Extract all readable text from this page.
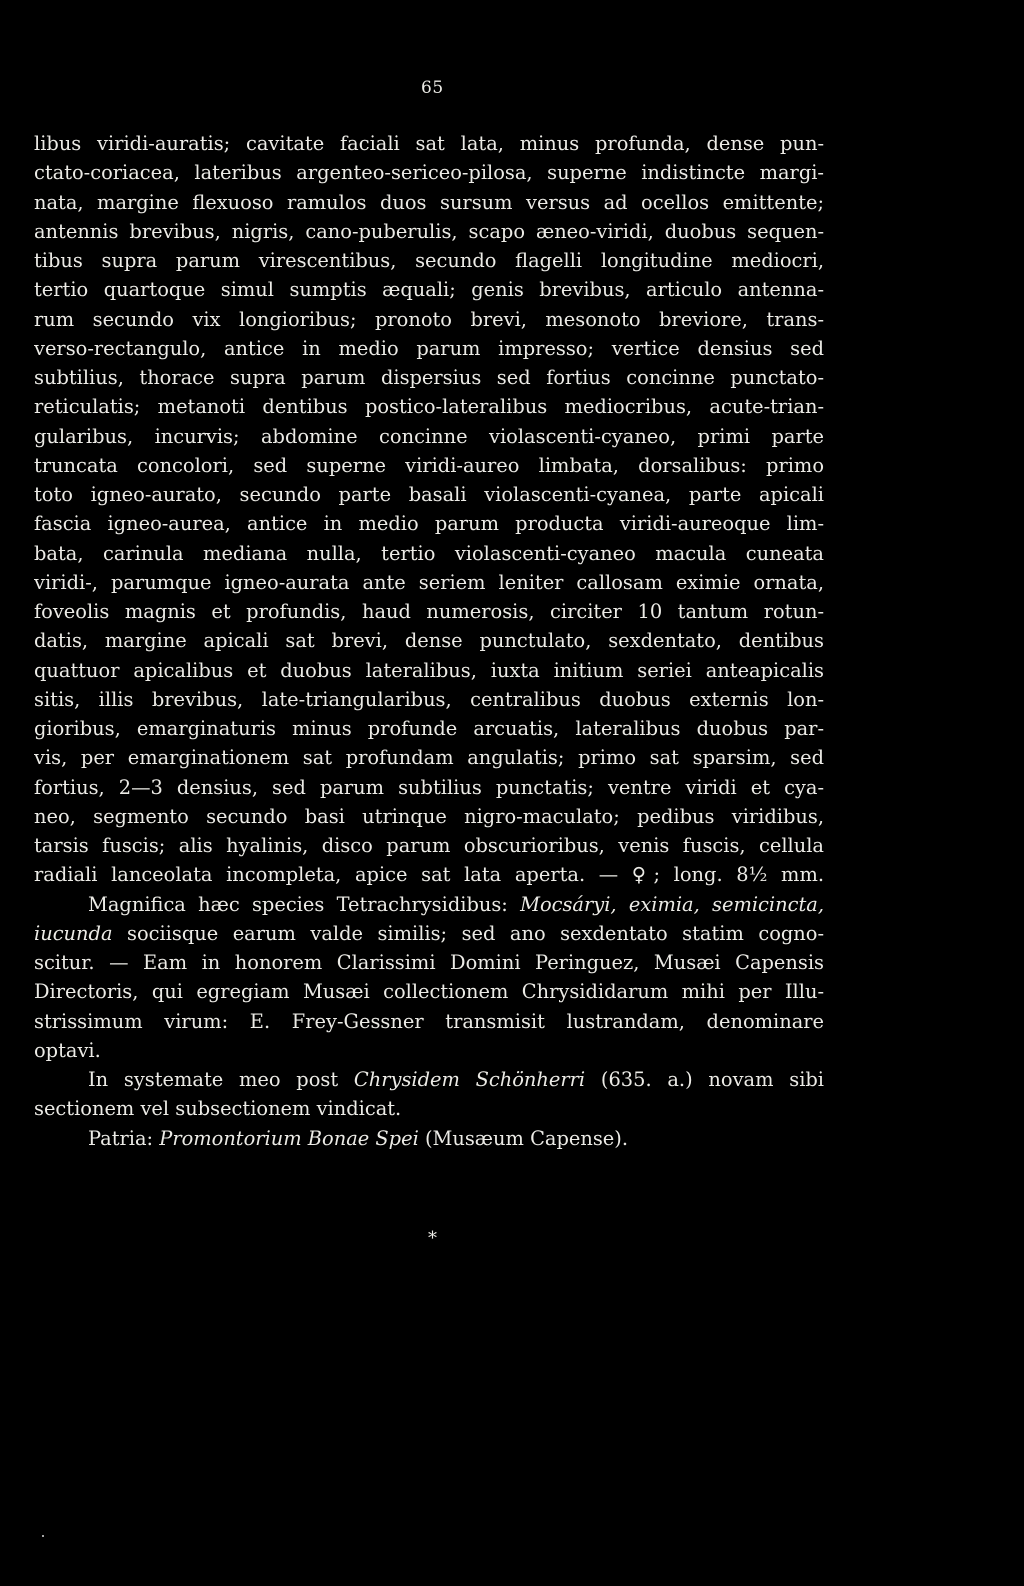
65
libus viridi-auratis; cavitate faciali sat lata, minus profunda, dense pun-
ctato-coriacea, lateribus argenteo-sericeo-pilosa, superne indistincte margi-
nata, margine flexuoso ramulos duos sursum versus ad ocellos emittente;
antennis brevibus, nigris, cano-puberulis, scapo æneo-viridi, duobus sequen-
tibus supra parum virescentibus, secundo flagelli longitudine mediocri,
tertio quartoque simul sumptis æquali; genis brevibus, articulo antenna-
rum secundo vix longioribus; pronoto brevi, mesonoto breviore, trans-
verso-rectangulo, antice in medio parum impresso; vertice densius sed
subtilius, thorace supra parum dispersius sed fortius concinne punctato-
reticulatis; metanoti dentibus postico-lateralibus mediocribus, acute-trian-
gularibus, incurvis; abdomine concinne violascenti-cyaneo, primi parte
truncata concolori, sed superne viridi-aureo limbata, dorsalibus: primo
toto igneo-aurato, secundo parte basali violascenti-cyanea, parte apicali
fascia igneo-aurea, antice in medio parum producta viridi-aureoque lim-
bata, carinula mediana nulla, tertio violascenti-cyaneo macula cuneata
viridi-, parumque igneo-aurata ante seriem leniter callosam eximie ornata,
foveolis magnis et profundis, haud numerosis, circiter 10 tantum rotun-
datis, margine apicali sat brevi, dense punctulato, sexdentato, dentibus
quattuor apicalibus et duobus lateralibus, iuxta initium seriei anteapicalis
sitis, illis brevibus, late-triangularibus, centralibus duobus externis lon-
gioribus, emarginaturis minus profunde arcuatis, lateralibus duobus par-
vis, per emarginationem sat profundam angulatis; primo sat sparsim, sed
fortius, 2—3 densius, sed parum subtilius punctatis; ventre viridi et cya-
neo, segmento secundo basi utrinque nigro-maculato; pedibus viridibus,
tarsis fuscis; alis hyalinis, disco parum obscurioribus, venis fuscis, cellula
radiali lanceolata incompleta, apice sat lata aperta. — ♀; long. 8½ mm.
Magnifica hæc species Tetrachrysidibus: Mocsáryi, eximia, semicincta,
iucunda sociisque earum valde similis; sed ano sexdentato statim cogno-
scitur. — Eam in honorem Clarissimi Domini Peringuez, Musæi Capensis
Directoris, qui egregiam Musæi collectionem Chrysididarum mihi per Illu-
strissimum virum: E. Frey-Gessner transmisit lustrandam, denominare
optavi.
In systemate meo post Chrysidem Schönherri (635. a.) novam sibi
sectionem vel subsectionem vindicat.
Patria: Promontorium Bonae Spei (Musæum Capense).
*
